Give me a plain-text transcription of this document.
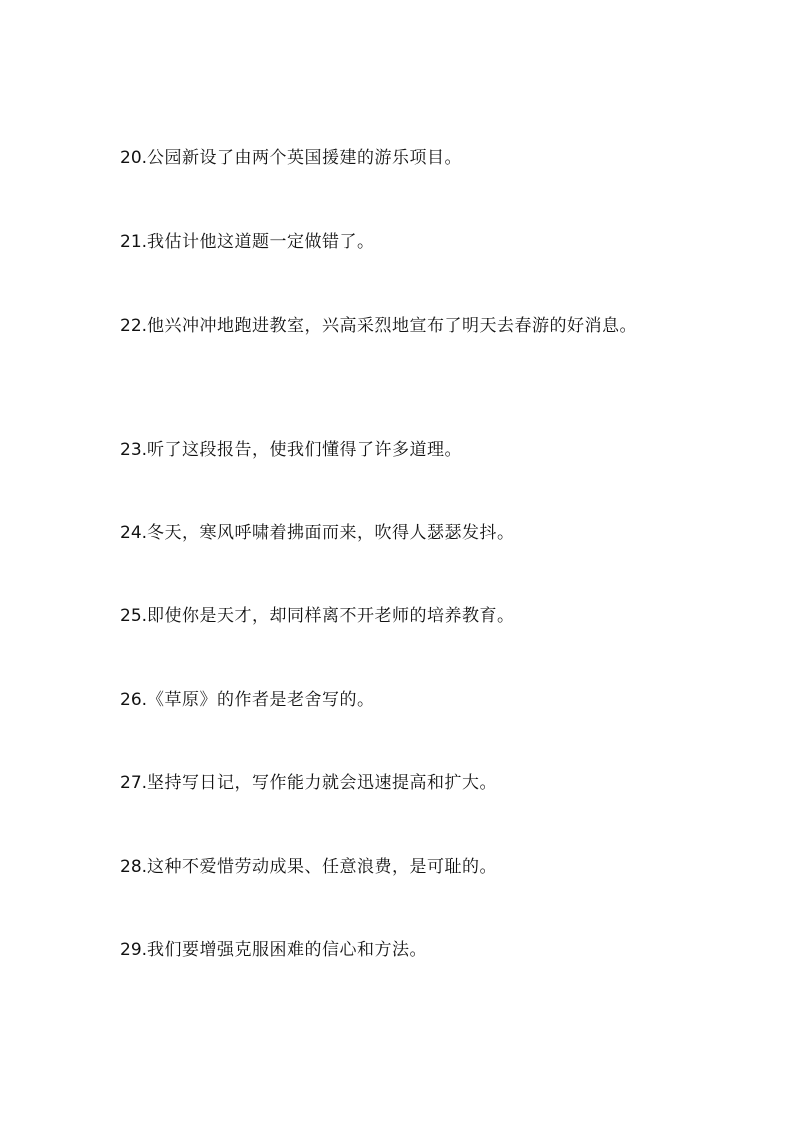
20.公园新设了由两个英国援建的游乐项目。
21.我估计他这道题一定做错了。
22.他兴冲冲地跑进教室，兴高采烈地宣布了明天去春游的好消息。
23.听了这段报告，使我们懂得了许多道理。
24.冬天，寒风呼啸着拂面而来，吹得人瑟瑟发抖。
25.即使你是天才，却同样离不开老师的培养教育。
26.《草原》的作者是老舍写的。
27.坚持写日记，写作能力就会迅速提高和扩大。
28.这种不爱惜劳动成果、任意浪费，是可耻的。
29.我们要增强克服困难的信心和方法。
